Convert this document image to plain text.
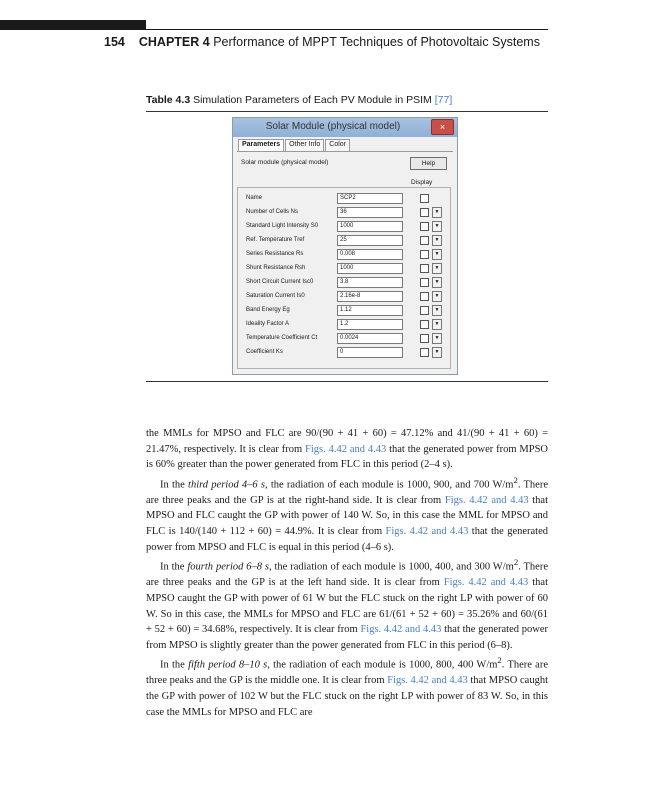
154 CHAPTER 4 Performance of MPPT Techniques of Photovoltaic Systems
Table 4.3 Simulation Parameters of Each PV Module in PSIM [77]
Solar Module (physical model)	×
Parameters	Other Info	Color
Solar module (physical model)	Help
Display
Name	SCP2
Number of Cells Ns	36	▼
Standard Light Intensity S0	1000	▼
Ref. Temperature Tref	25	▼
Series Resistance Rs	0.008	▼
Shunt Resistance Rsh	1000	▼
Short Circuit Current Isc0	3.8	▼
Saturation Current Is0	2.16e-8	▼
Band Energy Eg	1.12	▼
Ideality Factor A	1.2	▼
Temperature Coefficient Ct	0.0024	▼
Coefficient Ks	0	▼

the MMLs for MPSO and FLC are 90/(90 + 41 + 60) = 47.12% and 41/(90 + 41 + 60) = 21.47%, respectively. It is clear from Figs. 4.42 and 4.43 that the generated power from MPSO is 60% greater than the power generated from FLC in this period (2–4 s).

In the third period 4–6 s, the radiation of each module is 1000, 900, and 700 $W/m^2$. There are three peaks and the GP is at the right-hand side. It is clear from Figs. 4.42 and 4.43 that MPSO and FLC caught the GP with power of 140 W. So, in this case the MML for MPSO and FLC is 140/(140 + 112 + 60) = 44.9%. It is clear from Figs. 4.42 and 4.43 that the generated power from MPSO and FLC is equal in this period (4–6 s).

In the fourth period 6–8 s, the radiation of each module is 1000, 400, and 300 $W/m^2$. There are three peaks and the GP is at the left hand side. It is clear from Figs. 4.42 and 4.43 that MPSO caught the GP with power of 61 W but the FLC stuck on the right LP with power of 60 W. So in this case, the MMLs for MPSO and FLC are 61/(61 + 52 + 60) = 35.26% and 60/(61 + 52 + 60) = 34.68%, respectively. It is clear from Figs. 4.42 and 4.43 that the generated power from MPSO is slightly greater than the power generated from FLC in this period (6–8).

In the fifth period 8–10 s, the radiation of each module is 1000, 800, 400 $W/m^2$. There are three peaks and the GP is the middle one. It is clear from Figs. 4.42 and 4.43 that MPSO caught the GP with power of 102 W but the FLC stuck on the right LP with power of 83 W. So, in this case the MMLs for MPSO and FLC are
